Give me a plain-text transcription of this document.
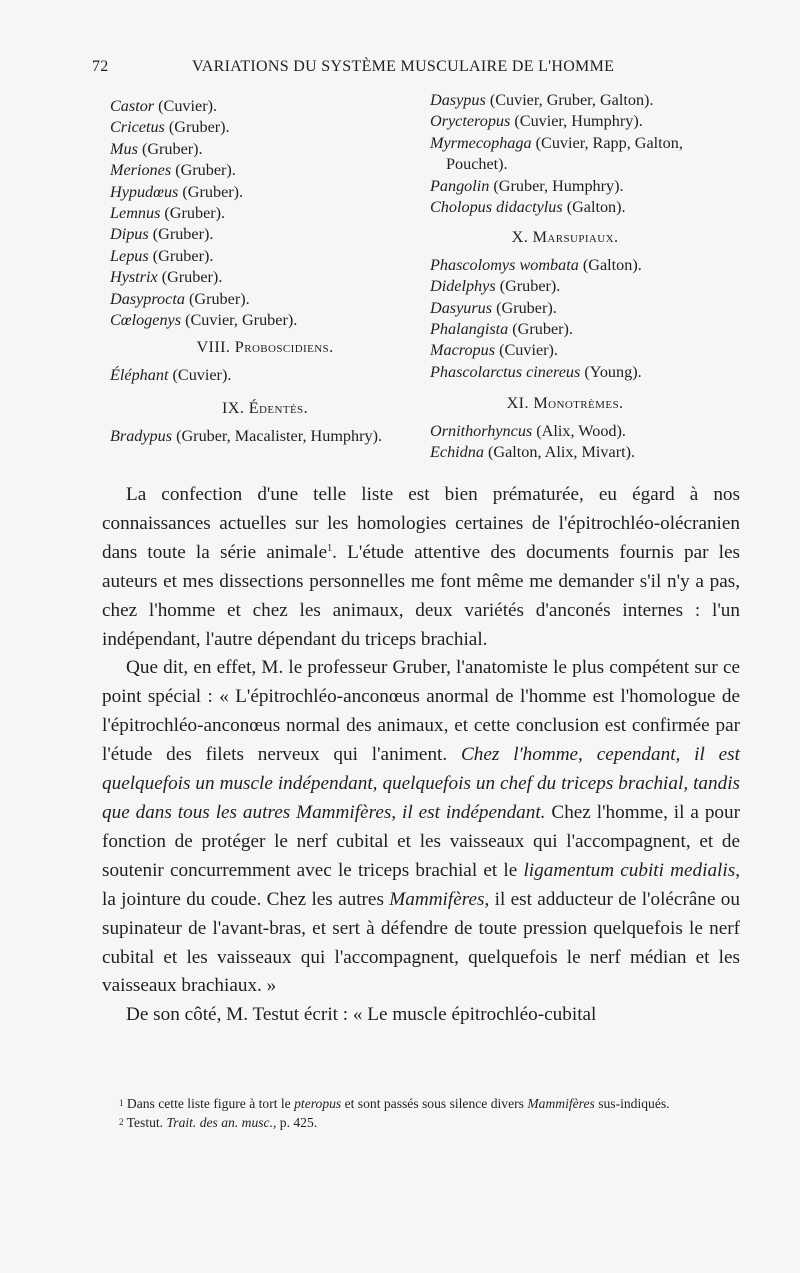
72	VARIATIONS DU SYSTÈME MUSCULAIRE DE L'HOMME
Castor (Cuvier).
Cricetus (Gruber).
Mus (Gruber).
Meriones (Gruber).
Hypudœus (Gruber).
Lemnus (Gruber).
Dipus (Gruber).
Lepus (Gruber).
Hystrix (Gruber).
Dasyprocta (Gruber).
Cœlogenys (Cuvier, Gruber).
VIII. Proboscidiens.
Éléphant (Cuvier).
IX. Édentés.
Bradypus (Gruber, Macalister, Humphry).
Dasypus (Cuvier, Gruber, Galton).
Orycteropus (Cuvier, Humphry).
Myrmecophaga (Cuvier, Rapp, Galton, Pouchet).
Pangolin (Gruber, Humphry).
Cholopus didactylus (Galton).
X. Marsupiaux.
Phascolomys wombata (Galton).
Didelphys (Gruber).
Dasyurus (Gruber).
Phalangista (Gruber).
Macropus (Cuvier).
Phascolarctus cinereus (Young).
XI. Monotrèmes.
Ornithorhyncus (Alix, Wood).
Echidna (Galton, Alix, Mivart).

La confection d'une telle liste est bien prématurée, eu égard à nos connaissances actuelles sur les homologies certaines de l'épitrochléo-olécranien dans toute la série animale$^1$. L'étude attentive des documents fournis par les auteurs et mes dissections personnelles me font même me demander s'il n'y a pas, chez l'homme et chez les animaux, deux variétés d'anconés internes : l'un indépendant, l'autre dépendant du triceps brachial.

Que dit, en effet, M. le professeur Gruber, l'anatomiste le plus compétent sur ce point spécial : « L'épitrochléo-anconœus anormal de l'homme est l'homologue de l'épitrochléo-anconœus normal des animaux, et cette conclusion est confirmée par l'étude des filets nerveux qui l'animent. Chez l'homme, cependant, il est quelquefois un muscle indépendant, quelquefois un chef du triceps brachial, tandis que dans tous les autres Mammifères, il est indépendant. Chez l'homme, il a pour fonction de protéger le nerf cubital et les vaisseaux qui l'accompagnent, et de soutenir concurremment avec le triceps brachial et le ligamentum cubiti medialis, la jointure du coude. Chez les autres Mammifères, il est adducteur de l'olécrâne ou supinateur de l'avant-bras, et sert à défendre de toute pression quelquefois le nerf cubital et les vaisseaux qui l'accompagnent, quelquefois le nerf médian et les vaisseaux brachiaux. »

De son côté, M. Testut écrit : « Le muscle épitrochléo-cubital

$^1$ Dans cette liste figure à tort le pteropus et sont passés sous silence divers Mammifères sus-indiqués.

$^2$ Testut. Trait. des an. musc., p. 425.
